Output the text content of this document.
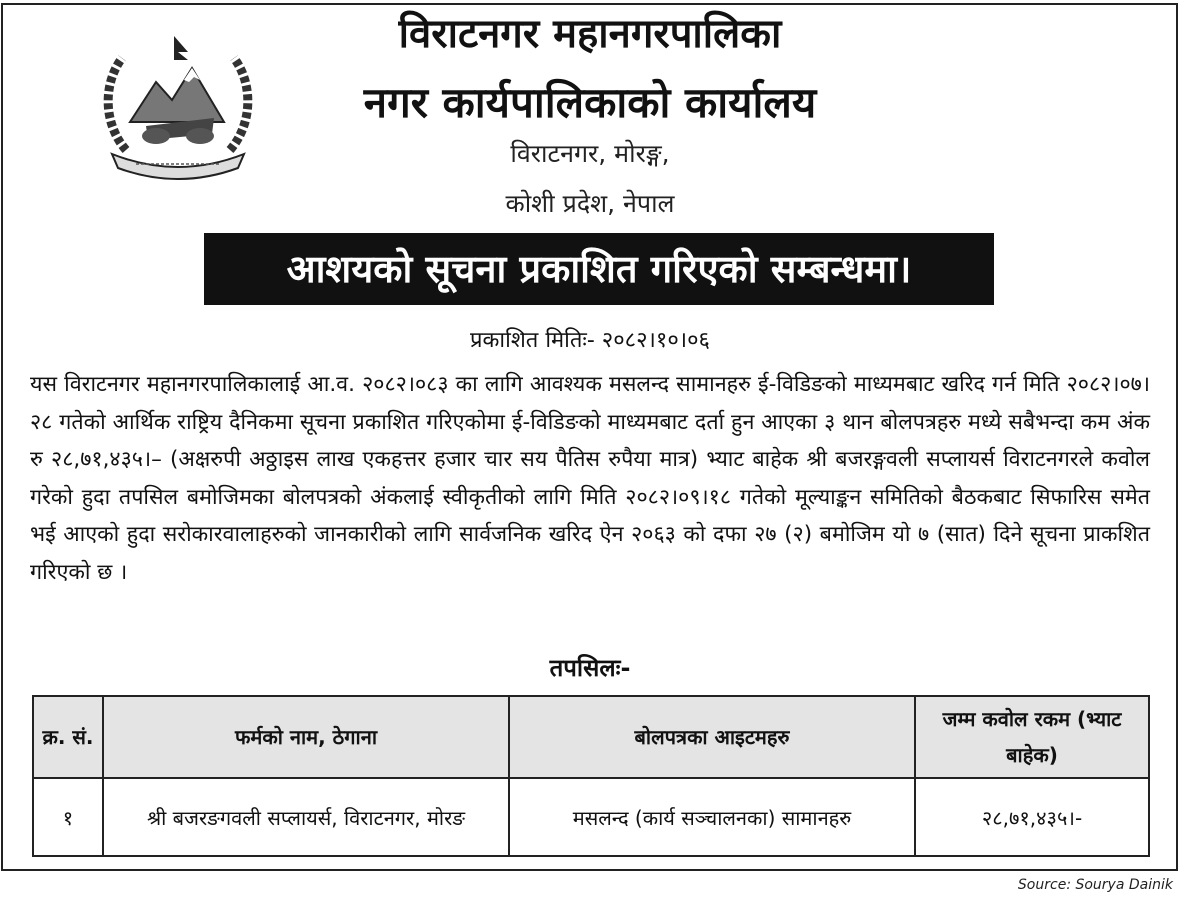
विराटनगर महानगरपालिका
नगर कार्यपालिकाको कार्यालय
विराटनगर, मोरङ्ग,
कोशी प्रदेश, नेपाल
आशयको सूचना प्रकाशित गरिएको सम्बन्धमा।
प्रकाशित मितिः- २०८२।१०।०६
यस विराटनगर महानगरपालिकालाई आ.व. २०८२।०८३ का लागि आवश्यक मसलन्द सामानहरु ई-विडिङको माध्यमबाट खरिद गर्न मिति २०८२।०७।२८ गतेको आर्थिक राष्ट्रिय दैनिकमा सूचना प्रकाशित गरिएकोमा ई-विडिङको माध्यमबाट दर्ता हुन आएका ३ थान बोलपत्रहरु मध्ये सबैभन्दा कम अंक रु २८,७१,४३५।– (अक्षरुपी अठ्ठाइस लाख एकहत्तर हजार चार सय पैतिस रुपैया मात्र) भ्याट बाहेक श्री बजरङ्गवली सप्लायर्स विराटनगरले कवोल गरेको हुदा तपसिल बमोजिमका बोलपत्रको अंकलाई स्वीकृतीको लागि मिति २०८२।०९।१८ गतेको मूल्याङ्कन समितिको बैठकबाट सिफारिस समेत भई आएको हुदा सरोकारवालाहरुको जानकारीको लागि सार्वजनिक खरिद ऐन २०६३ को दफा २७ (२) बमोजिम यो ७ (सात) दिने सूचना प्राकशित गरिएको छ ।
तपसिलः-
क्र. सं.	फर्मको नाम, ठेगाना	बोलपत्रका आइटमहरु	जम्म कवोल रकम (भ्याट बाहेक)
१	श्री बजरङगवली सप्लायर्स, विराटनगर, मोरङ	मसलन्द (कार्य सञ्चालनका) सामानहरु	२८,७१,४३५।-
Source: Sourya Dainik
